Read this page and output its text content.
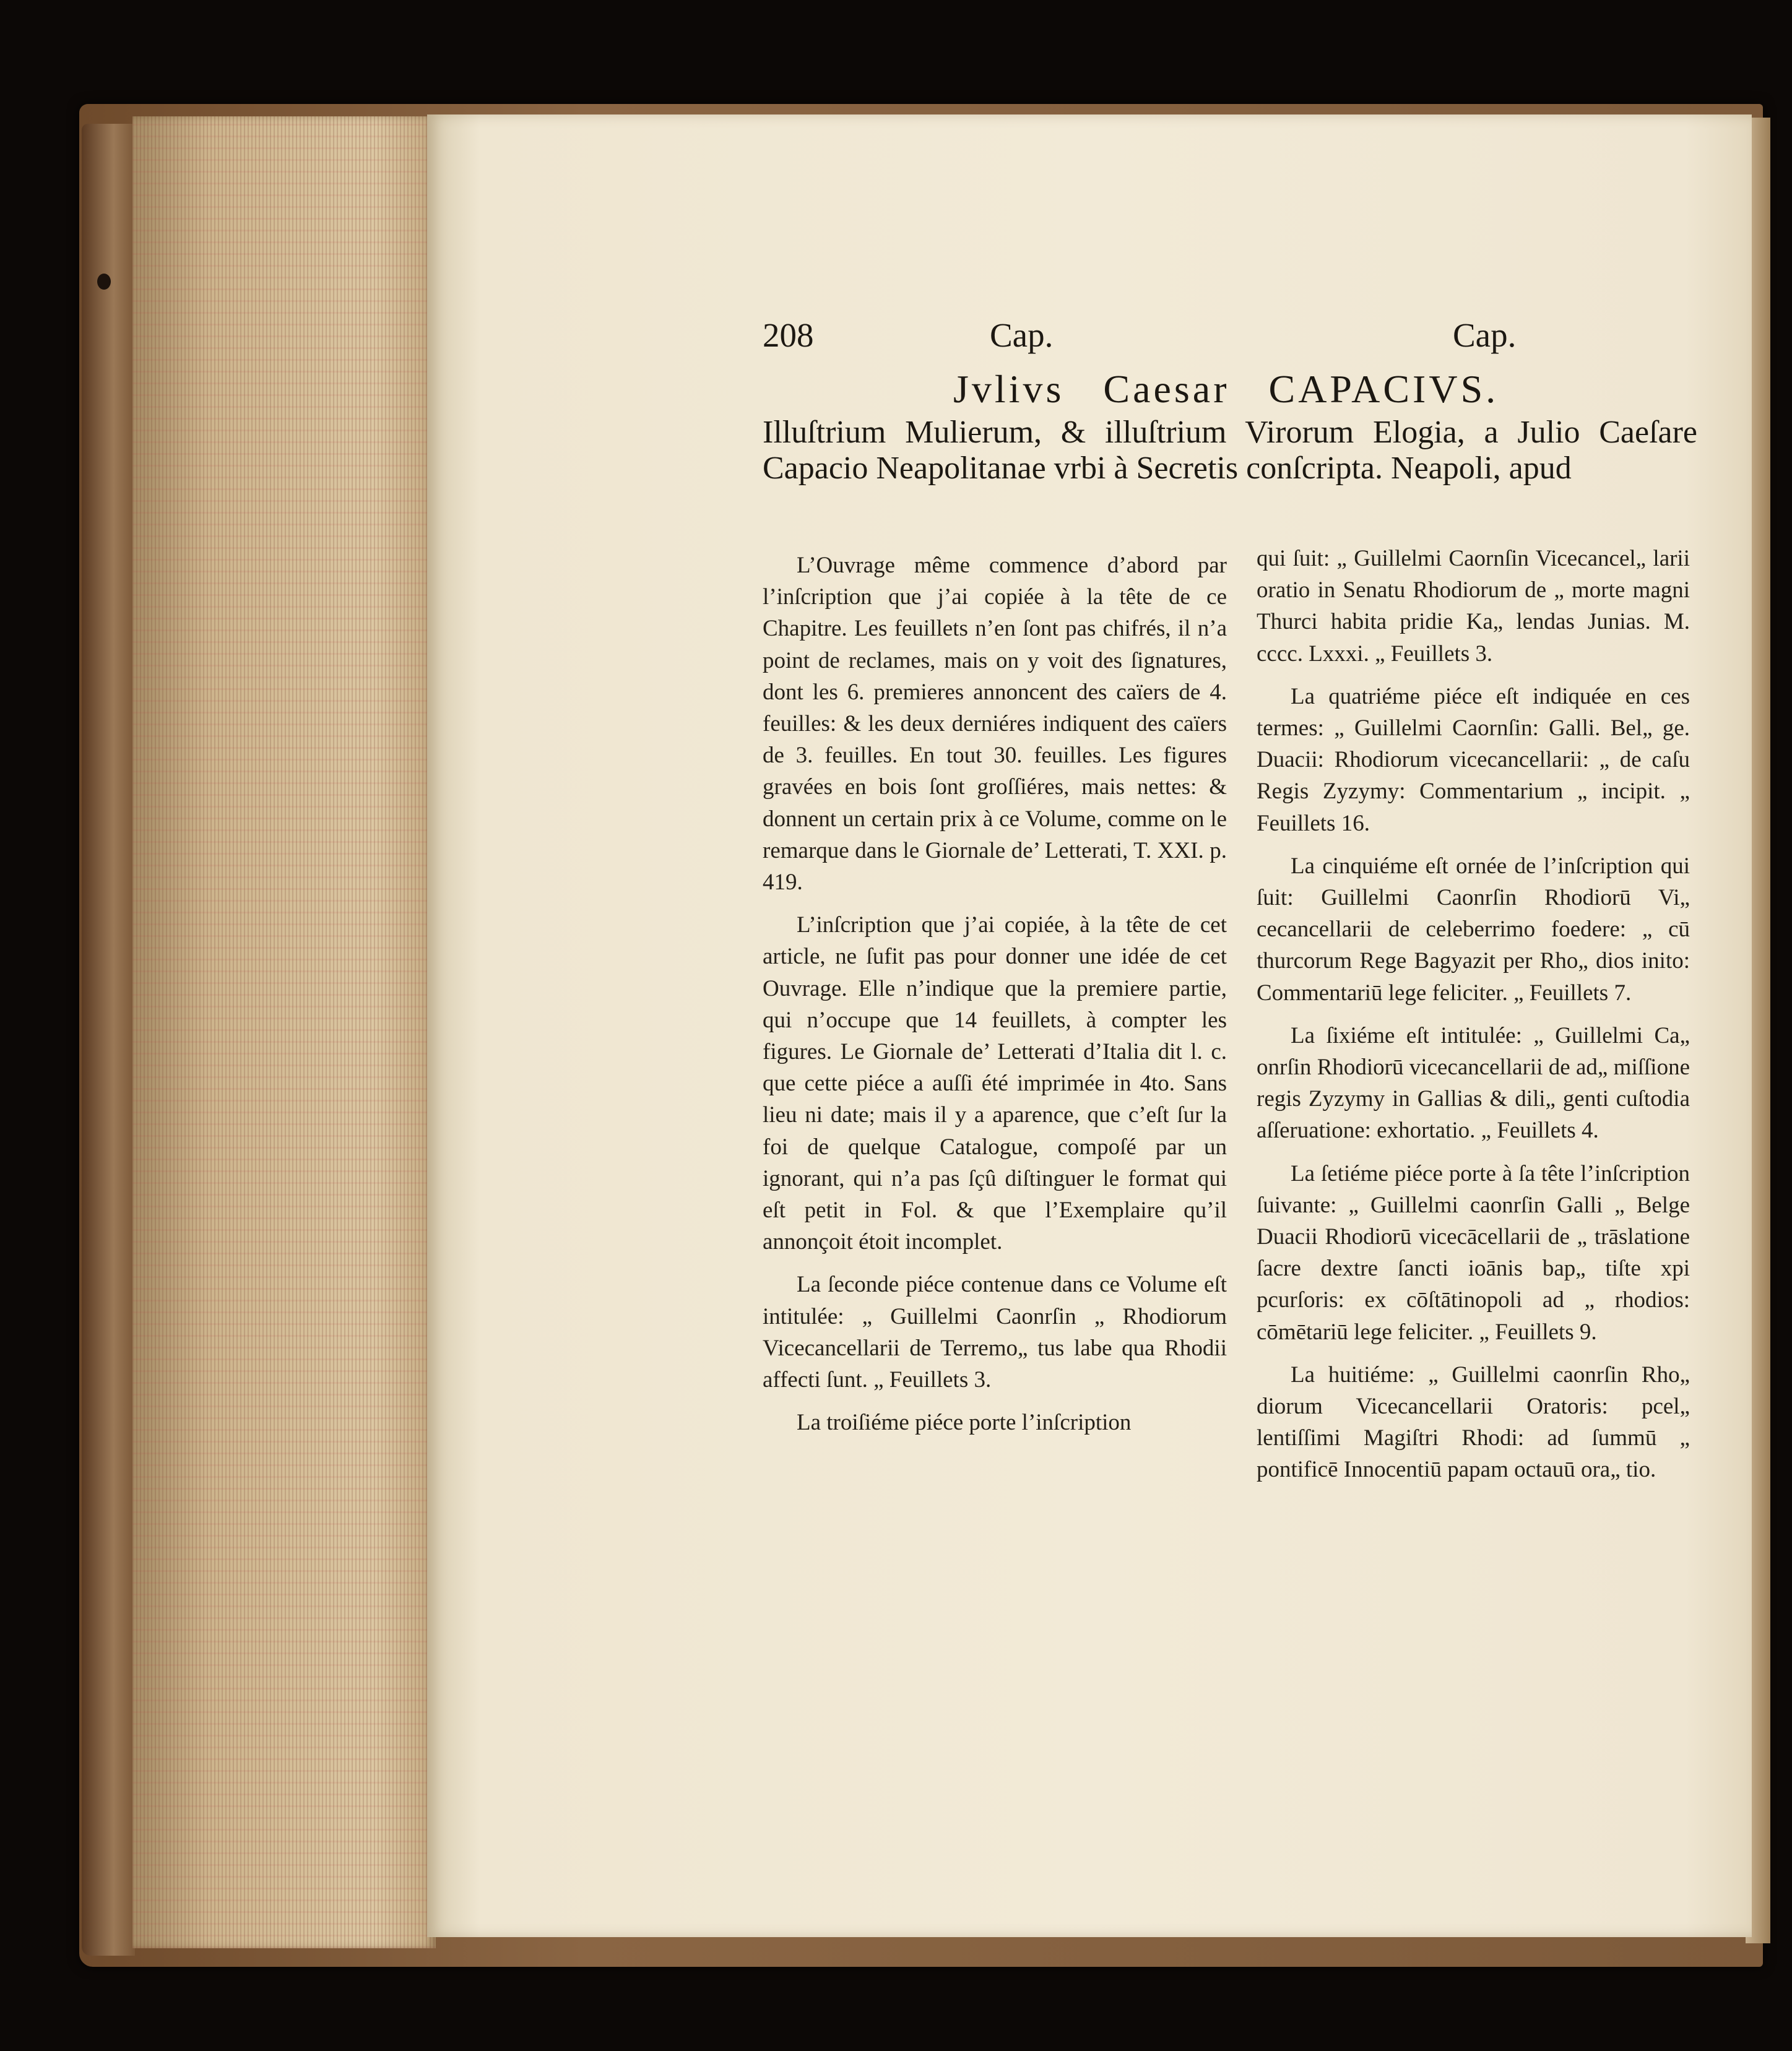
208	Cap.	Cap.
Jvlivs Caesar CAPACIVS.
Illuſtrium Mulierum, & illuſtrium Virorum Elogia, a Julio Caeſare Capacio Neapolitanae vrbi à Secretis conſcripta. Neapoli, apud

L’Ouvrage même commence d’abord par l’inſcription que j’ai copiée à la tête de ce Chapitre. Les feuillets n’en ſont pas chifrés, il n’a point de reclames, mais on y voit des ſignatures, dont les 6. premieres annoncent des caïers de 4. feuilles: & les deux derniéres indiquent des caïers de 3. feuilles. En tout 30. feuilles. Les figures gravées en bois ſont groſſiéres, mais nettes: & donnent un certain prix à ce Volume, comme on le remarque dans le Giornale de’ Letterati, T. XXI. p. 419.

L’inſcription que j’ai copiée, à la tête de cet article, ne ſufit pas pour donner une idée de cet Ouvrage. Elle n’indique que la premiere partie, qui n’occupe que 14 feuillets, à compter les figures. Le Giornale de’ Letterati d’Italia dit l. c. que cette piéce a auſſi été imprimée in 4to. Sans lieu ni date; mais il y a aparence, que c’eſt ſur la foi de quelque Catalogue, compoſé par un ignorant, qui n’a pas ſçû diſtinguer le format qui eſt petit in Fol. & que l’Exemplaire qu’il annonçoit étoit incomplet.

La ſeconde piéce contenue dans ce Volume eſt intitulée: „ Guillelmi Caonrſin „ Rhodiorum Vicecancellarii de Terremo„ tus labe qua Rhodii affecti ſunt. „ Feuillets 3.

La troiſiéme piéce porte l’inſcription

qui ſuit: „ Guillelmi Caornſin Vicecancel„ larii oratio in Senatu Rhodiorum de „ morte magni Thurci habita pridie Ka„ lendas Junias. M. cccc. Lxxxi. „ Feuillets 3.

La quatriéme piéce eſt indiquée en ces termes: „ Guillelmi Caornſin: Galli. Bel„ ge. Duacii: Rhodiorum vicecancellarii: „ de caſu Regis Zyzymy: Commentarium „ incipit. „ Feuillets 16.

La cinquiéme eſt ornée de l’inſcription qui ſuit: Guillelmi Caonrſin Rhodiorū Vi„ cecancellarii de celeberrimo foedere: „ cū thurcorum Rege Bagyazit per Rho„ dios inito: Commentariū lege feliciter. „ Feuillets 7.

La ſixiéme eſt intitulée: „ Guillelmi Ca„ onrſin Rhodiorū vicecancellarii de ad„ miſſione regis Zyzymy in Gallias & dili„ genti cuſtodia aſſeruatione: exhortatio. „ Feuillets 4.

La ſetiéme piéce porte à ſa tête l’inſcription ſuivante: „ Guillelmi caonrſin Galli „ Belge Duacii Rhodiorū vicecācellarii de „ trāslatione ſacre dextre ſancti ioānis bap„ tiſte xpi pcurſoris: ex cōſtātinopoli ad „ rhodios: cōmētariū lege feliciter. „ Feuillets 9.

La huitiéme: „ Guillelmi caonrſin Rho„ diorum Vicecancellarii Oratoris: pcel„ lentiſſimi Magiſtri Rhodi: ad ſummū „ pontificē Innocentiū papam octauū ora„ tio.
